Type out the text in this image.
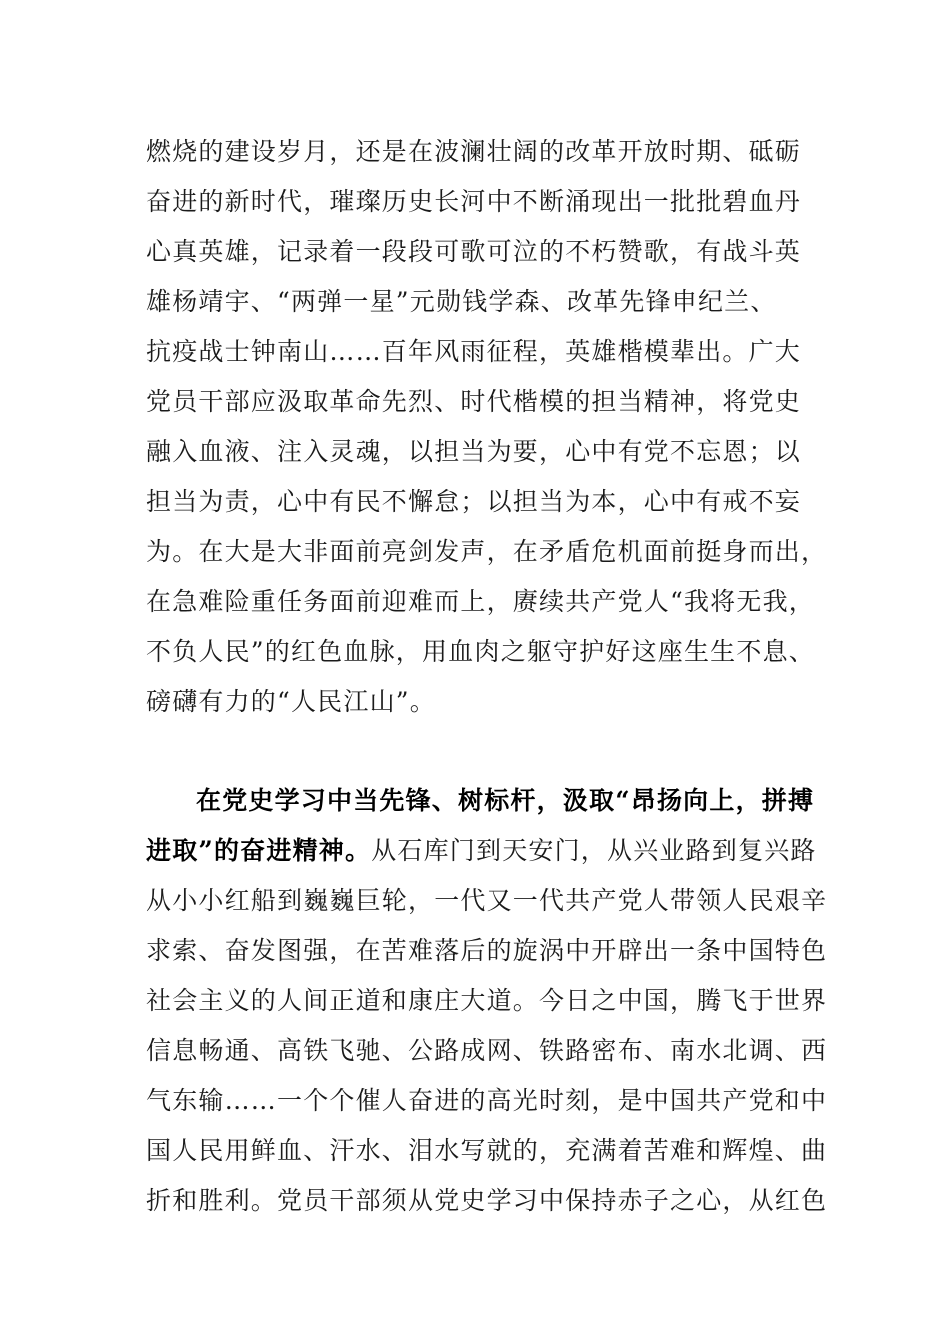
燃烧的建设岁月，还是在波澜壮阔的改革开放时期、砥砺
奋进的新时代，璀璨历史长河中不断涌现出一批批碧血丹
心真英雄，记录着一段段可歌可泣的不朽赞歌，有战斗英
雄杨靖宇、“两弹一星”元勋钱学森、改革先锋申纪兰、
抗疫战士钟南山……百年风雨征程，英雄楷模辈出。广大
党员干部应汲取革命先烈、时代楷模的担当精神，将党史
融入血液、注入灵魂，以担当为要，心中有党不忘恩；以
担当为责，心中有民不懈怠；以担当为本，心中有戒不妄
为。在大是大非面前亮剑发声，在矛盾危机面前挺身而出，
在急难险重任务面前迎难而上，赓续共产党人“我将无我，
不负人民”的红色血脉，用血肉之躯守护好这座生生不息、
磅礴有力的“人民江山”。
在党史学习中当先锋、树标杆，汲取“昂扬向上，拼搏
进取”的奋进精神。从石库门到天安门，从兴业路到复兴路
从小小红船到巍巍巨轮，一代又一代共产党人带领人民艰辛
求索、奋发图强，在苦难落后的旋涡中开辟出一条中国特色
社会主义的人间正道和康庄大道。今日之中国，腾飞于世界
信息畅通、高铁飞驰、公路成网、铁路密布、南水北调、西
气东输……一个个催人奋进的高光时刻，是中国共产党和中
国人民用鲜血、汗水、泪水写就的，充满着苦难和辉煌、曲
折和胜利。党员干部须从党史学习中保持赤子之心，从红色
